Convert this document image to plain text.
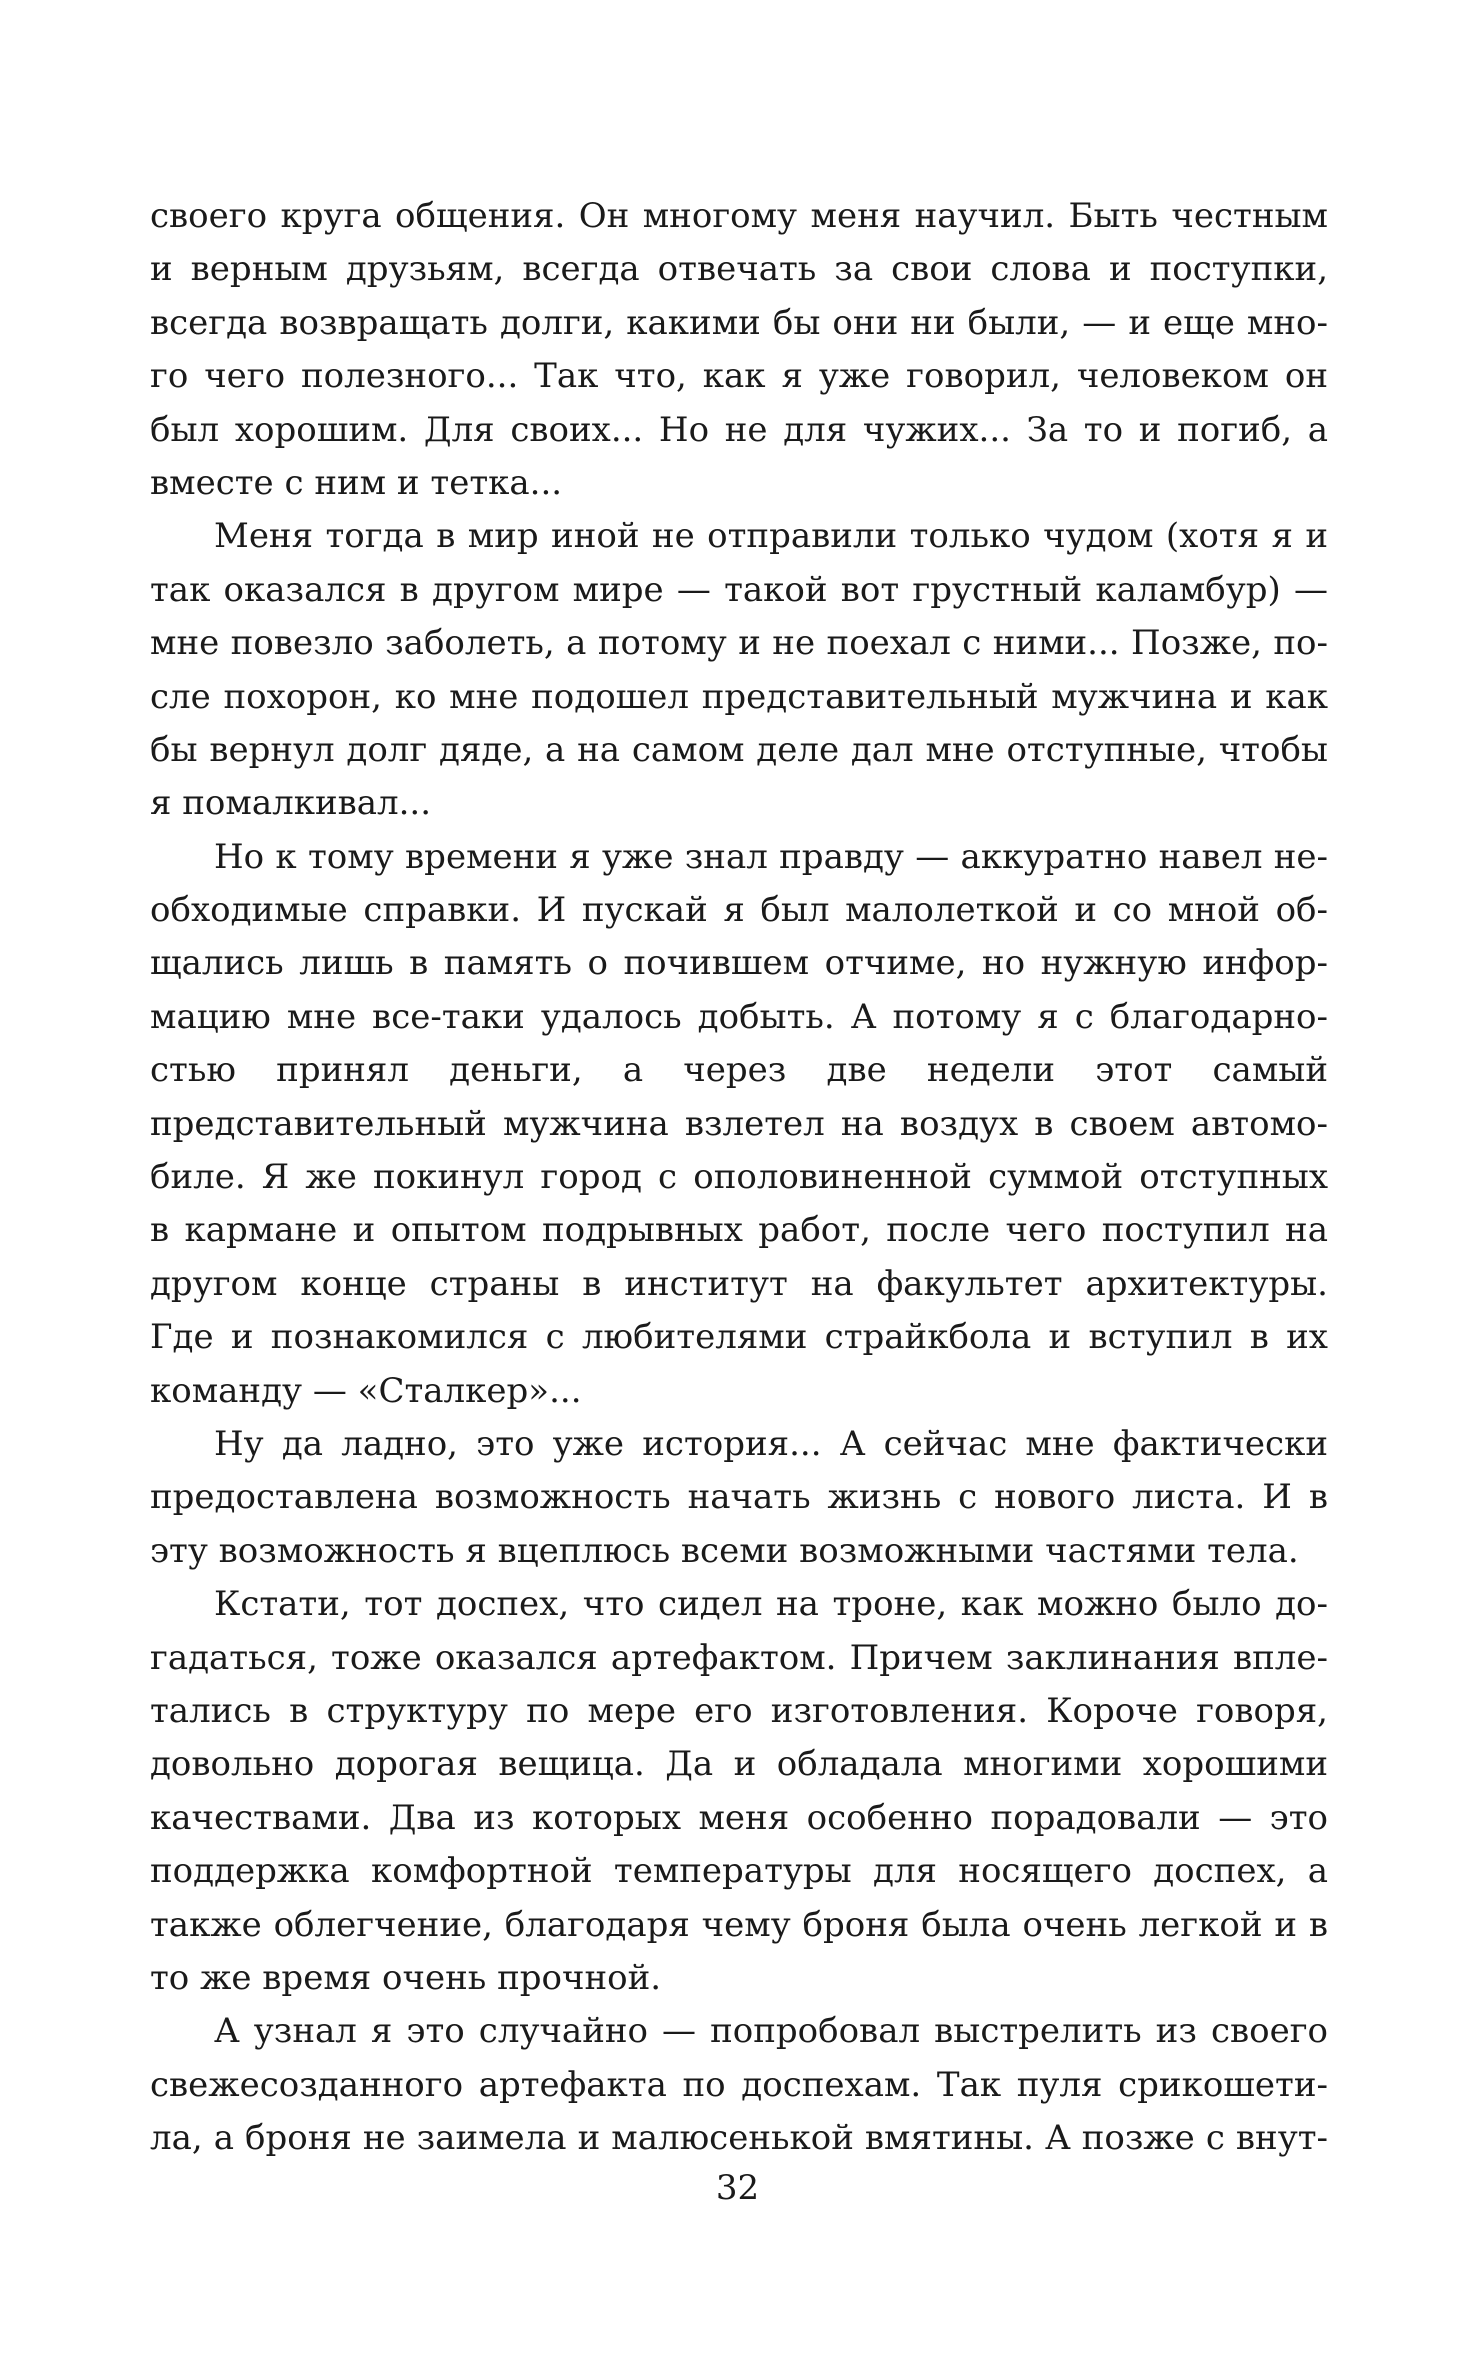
своего круга общения. Он многому меня научил. Быть честным
и верным друзьям, всегда отвечать за свои слова и поступки,
всегда возвращать долги, какими бы они ни были, — и еще мно-
го чего полезного... Так что, как я уже говорил, человеком он
был хорошим. Для своих... Но не для чужих... За то и погиб, а
вместе с ним и тетка...
Меня тогда в мир иной не отправили только чудом (хотя я и
так оказался в другом мире — такой вот грустный каламбур) —
мне повезло заболеть, а потому и не поехал с ними... Позже, по-
сле похорон, ко мне подошел представительный мужчина и как
бы вернул долг дяде, а на самом деле дал мне отступные, чтобы
я помалкивал...
Но к тому времени я уже знал правду — аккуратно навел не-
обходимые справки. И пускай я был малолеткой и со мной об-
щались лишь в память о почившем отчиме, но нужную инфор-
мацию мне все-таки удалось добыть. А потому я с благодарно-
стью принял деньги, а через две недели этот самый
представительный мужчина взлетел на воздух в своем автомо-
биле. Я же покинул город с ополовиненной суммой отступных
в кармане и опытом подрывных работ, после чего поступил на
другом конце страны в институт на факультет архитектуры.
Где и познакомился с любителями страйкбола и вступил в их
команду — «Сталкер»...
Ну да ладно, это уже история... А сейчас мне фактически
предоставлена возможность начать жизнь с нового листа. И в
эту возможность я вцеплюсь всеми возможными частями тела.
Кстати, тот доспех, что сидел на троне, как можно было до-
гадаться, тоже оказался артефактом. Причем заклинания впле-
тались в структуру по мере его изготовления. Короче говоря,
довольно дорогая вещица. Да и обладала многими хорошими
качествами. Два из которых меня особенно порадовали — это
поддержка комфортной температуры для носящего доспех, а
также облегчение, благодаря чему броня была очень легкой и в
то же время очень прочной.
А узнал я это случайно — попробовал выстрелить из своего
свежесозданного артефакта по доспехам. Так пуля срикошети-
ла, а броня не заимела и малюсенькой вмятины. А позже с внут-
32
